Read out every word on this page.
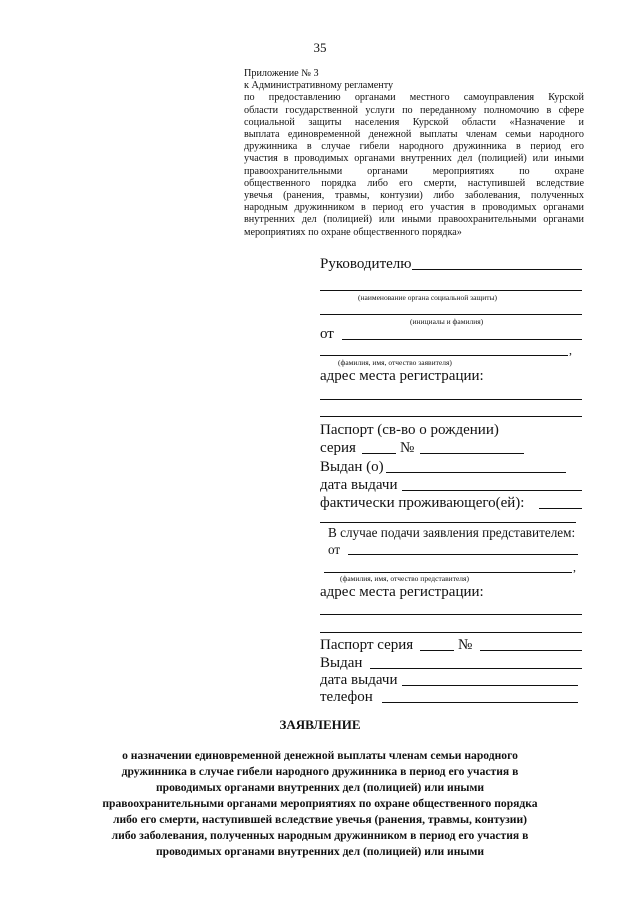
35
Приложение № 3
к Административному регламенту
по предоставлению органами местного самоуправления Курской
области государственной услуги по переданному полномочию в сфере
социальной защиты населения Курской области «Назначение и
выплата единовременной денежной выплаты членам семьи народного
дружинника в случае гибели народного дружинника в период его
участия в проводимых органами внутренних дел (полицией) или иными
правоохранительными органами мероприятиях по охране
общественного порядка либо его смерти, наступившей вследствие
увечья (ранения, травмы, контузии) либо заболевания, полученных
народным дружинником в период его участия в проводимых органами
внутренних дел (полицией) или иными правоохранительными органами
мероприятиях по охране общественного порядка»
Руководителю
(наименование органа социальной защиты)
(инициалы и фамилия)
от
,
(фамилия, имя, отчество заявителя)
адрес места регистрации:
Паспорт (св-во о рождении)
серия	№
Выдан (о)
дата выдачи
фактически проживающего(ей):
В случае подачи заявления представителем:
от
,
(фамилия, имя, отчество представителя)
адрес места регистрации:
Паспорт серия	№
Выдан
дата выдачи
телефон
ЗАЯВЛЕНИЕ
о назначении единовременной денежной выплаты членам семьи народного
дружинника в случае гибели народного дружинника в период его участия в
проводимых органами внутренних дел (полицией) или иными
правоохранительными органами мероприятиях по охране общественного порядка
либо его смерти, наступившей вследствие увечья (ранения, травмы, контузии)
либо заболевания, полученных народным дружинником в период его участия в
проводимых органами внутренних дел (полицией) или иными
